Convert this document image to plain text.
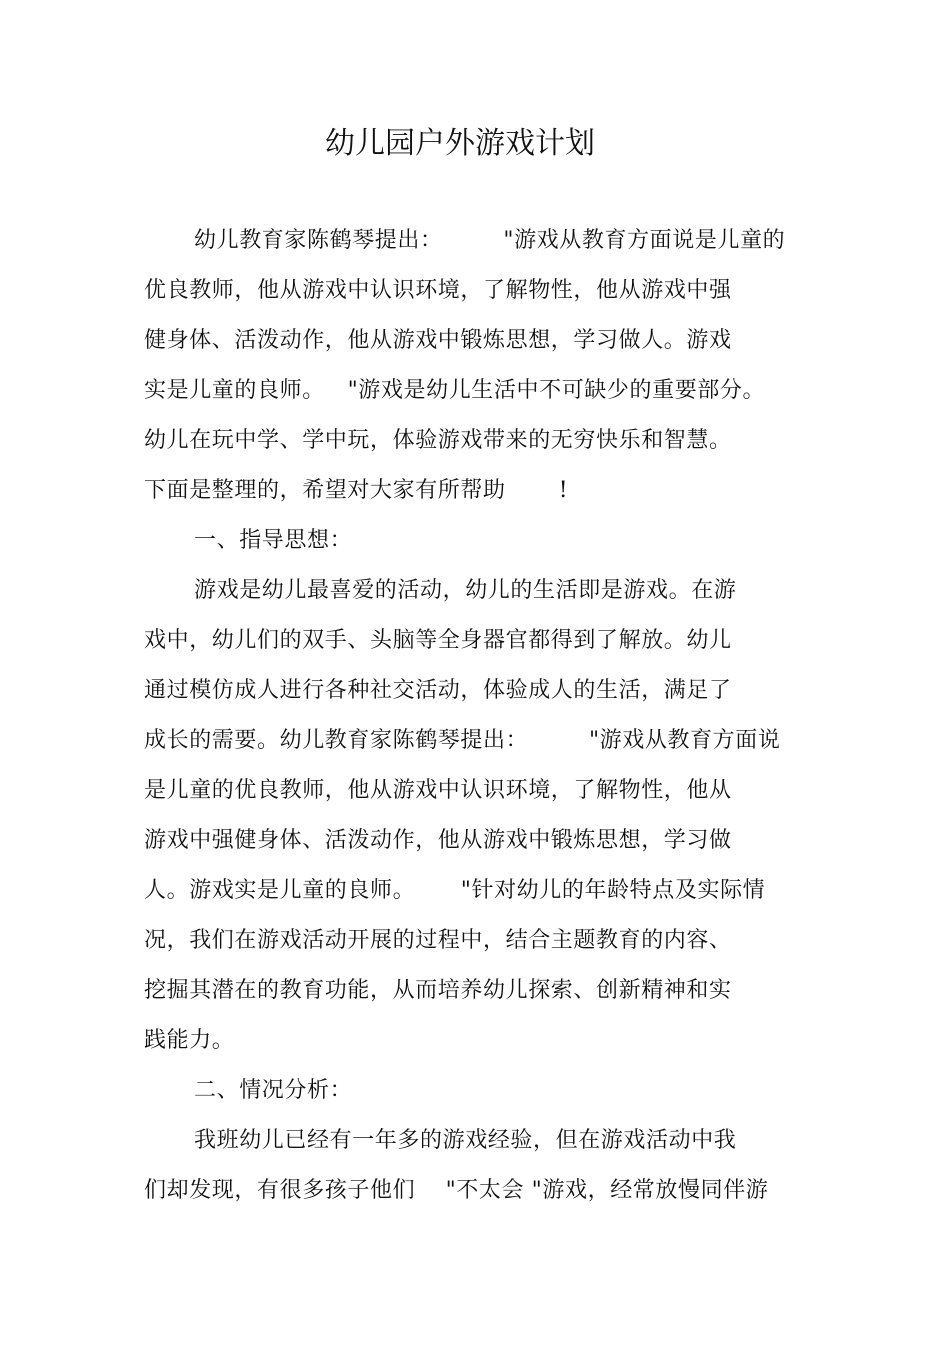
幼儿园户外游戏计划
幼儿教育家陈鹤琴提出：        "游戏从教育方面说是儿童的
优良教师，他从游戏中认识环境，了解物性，他从游戏中强
健身体、活泼动作，他从游戏中锻炼思想，学习做人。游戏
实是儿童的良师。   "游戏是幼儿生活中不可缺少的重要部分。
幼儿在玩中学、学中玩，体验游戏带来的无穷快乐和智慧。
下面是整理的，希望对大家有所帮助       !
一、指导思想：
游戏是幼儿最喜爱的活动，幼儿的生活即是游戏。在游
戏中，幼儿们的双手、头脑等全身器官都得到了解放。幼儿
通过模仿成人进行各种社交活动，体验成人的生活，满足了
成长的需要。幼儿教育家陈鹤琴提出：        "游戏从教育方面说
是儿童的优良教师，他从游戏中认识环境，了解物性，他从
游戏中强健身体、活泼动作，他从游戏中锻炼思想，学习做
人。游戏实是儿童的良师。      "针对幼儿的年龄特点及实际情
况，我们在游戏活动开展的过程中，结合主题教育的内容、
挖掘其潜在的教育功能，从而培养幼儿探索、创新精神和实
践能力。
二、情况分析：
我班幼儿已经有一年多的游戏经验，但在游戏活动中我
们却发现，有很多孩子他们    "不太会 "游戏，经常放慢同伴游
